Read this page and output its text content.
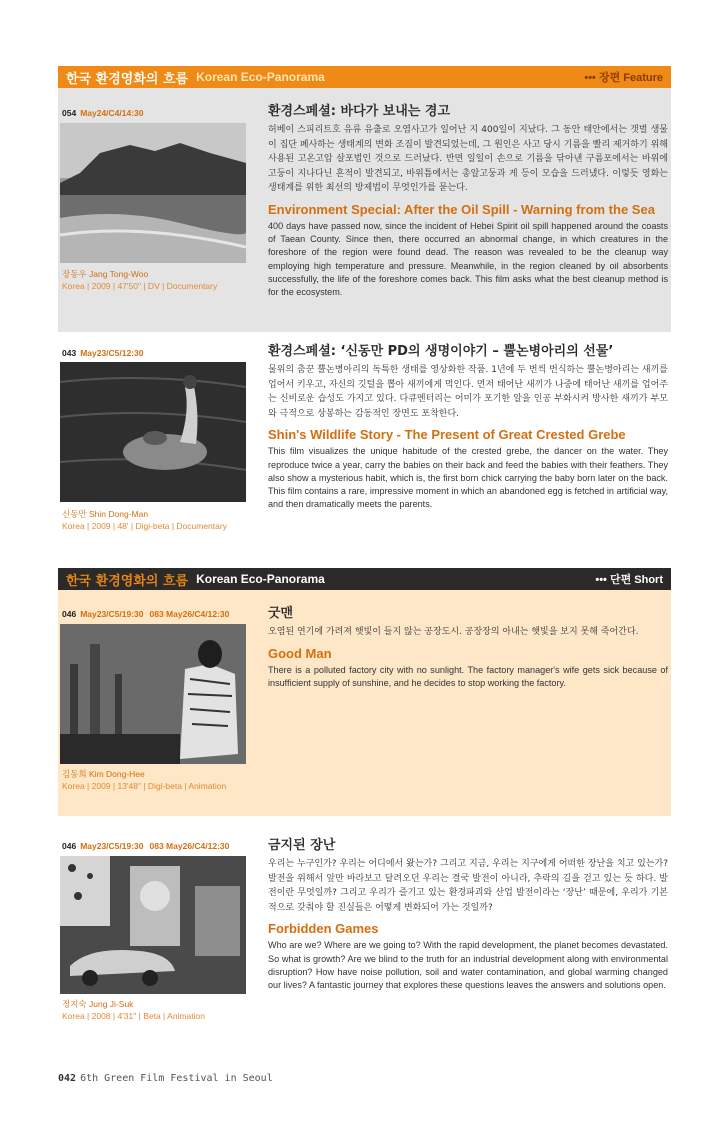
한국 환경영화의 흐름 Korean Eco-Panorama	••• 장편 Feature
054 May24/C4/14:30
장동우 Jang Tong-Woo
Korea | 2009 | 47'50" | DV | Documentary
환경스페셜: 바다가 보내는 경고
허베이 스피리트호 유류 유출로 오염사고가 일어난 지 400일이 지났다. 그 동안 태안에서는 갯벌 생물이 집단 폐사하는 생태계의 변화 조짐이 발견되었는데, 그 원인은 사고 당시 기름을 빨리 제거하기 위해 사용된 고온고압 살포법인 것으로 드러났다. 반면 일일이 손으로 기름을 닦아낸 구름포에서는 바위에 고둥이 지나다닌 흔적이 발견되고, 바위틈에서는 총알고둥과 게 등이 모습을 드러냈다. 이렇듯 영화는 생태계를 위한 최선의 방제법이 무엇인가를 묻는다.
Environment Special: After the Oil Spill - Warning from the Sea
400 days have passed now, since the incident of Hebei Spirit oil spill happened around the coasts of Taean County. Since then, there occurred an abnormal change, in which creatures in the foreshore of the region were found dead. The reason was revealed to be the cleanup way employing high temperature and pressure. Meanwhile, in the region cleaned by oil absorbents successfully, the life of the foreshore comes back. This film asks what the best cleanup method is for the ecosystem.
043 May23/C5/12:30
신동만 Shin Dong-Man
Korea | 2009 | 48' | Digi-beta | Documentary
환경스페셜: ‘신동만 PD의 생명이야기 – 뿔논병아리의 선물’
물위의 춤꾼 뿔논병아리의 독특한 생태를 영상화한 작품. 1년에 두 번씩 번식하는 뿔논병아리는 새끼를 업어서 키우고, 자신의 깃털을 뽑아 새끼에게 먹인다. 먼저 태어난 새끼가 나중에 태어난 새끼를 업어주는 신비로운 습성도 가지고 있다. 다큐멘터리는 어미가 포기한 알을 인공 부화시켜 방사한 새끼가 부모와 극적으로 상봉하는 감동적인 장면도 포착한다.
Shin's Wildlife Story - The Present of Great Crested Grebe
This film visualizes the unique habitude of the crested grebe, the dancer on the water. They reproduce twice a year, carry the babies on their back and feed the babies with their feathers. They also show a mysterious habit, which is, the first born chick carrying the baby born later on the back. This film contains a rare, impressive moment in which an abandoned egg is fetched in artificial way, and then dramatically meets the parents.
한국 환경영화의 흐름 Korean Eco-Panorama	••• 단편 Short
046 May23/C5/19:30 083 May26/C4/12:30
김동희 Kim Dong-Hee
Korea | 2009 | 13'48" | Digi-beta | Animation
굿맨
오염된 연기에 가려져 햇빛이 들지 않는 공장도시. 공장장의 아내는 햇빛을 보지 못해 죽어간다.
Good Man
There is a polluted factory city with no sunlight. The factory manager's wife gets sick because of insufficient supply of sunshine, and he decides to stop working the factory.
046 May23/C5/19:30 083 May26/C4/12:30
정지숙 Jung Ji-Suk
Korea | 2008 | 4'31" | Beta | Animation
금지된 장난
우리는 누구인가? 우리는 어디에서 왔는가? 그리고 지금, 우리는 지구에게 어떠한 장난을 치고 있는가? 발전을 위해서 앞만 바라보고 달려오던 우리는 결국 발전이 아니라, 추락의 길을 걷고 있는 듯 하다. 발전이란 무엇일까? 그리고 우리가 즐기고 있는 환경파괴와 산업 발전이라는 ‘장난’ 때문에, 우리가 기본적으로 갖춰야 할 진실들은 어떻게 변화되어 가는 것일까?
Forbidden Games
Who are we? Where are we going to? With the rapid development, the planet becomes devastated. So what is growth? Are we blind to the truth for an industrial development along with environmental disruption? How have noise pollution, soil and water contamination, and global warming changed our lives? A fantastic journey that explores these questions leaves the answers and solutions open.
042 6th Green Film Festival in Seoul
